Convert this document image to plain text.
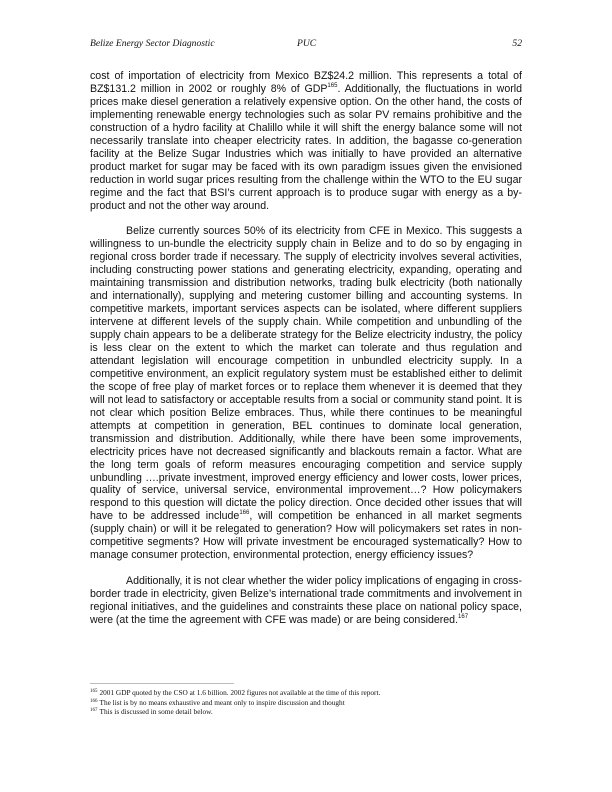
Belize Energy Sector Diagnostic	PUC	52

cost of importation of electricity from Mexico BZ$24.2 million. This represents a total of BZ$131.2 million in 2002 or roughly 8% of GDP$^{165}$. Additionally, the fluctuations in world prices make diesel generation a relatively expensive option. On the other hand, the costs of implementing renewable energy technologies such as solar PV remains prohibitive and the construction of a hydro facility at Chalillo while it will shift the energy balance some will not necessarily translate into cheaper electricity rates. In addition, the bagasse co-generation facility at the Belize Sugar Industries which was initially to have provided an alternative product market for sugar may be faced with its own paradigm issues given the envisioned reduction in world sugar prices resulting from the challenge within the WTO to the EU sugar regime and the fact that BSI’s current approach is to produce sugar with energy as a by-product and not the other way around.

Belize currently sources 50% of its electricity from CFE in Mexico. This suggests a willingness to un-bundle the electricity supply chain in Belize and to do so by engaging in regional cross border trade if necessary. The supply of electricity involves several activities, including constructing power stations and generating electricity, expanding, operating and maintaining transmission and distribution networks, trading bulk electricity (both nationally and internationally), supplying and metering customer billing and accounting systems. In competitive markets, important services aspects can be isolated, where different suppliers intervene at different levels of the supply chain. While competition and unbundling of the supply chain appears to be a deliberate strategy for the Belize electricity industry, the policy is less clear on the extent to which the market can tolerate and thus regulation and attendant legislation will encourage competition in unbundled electricity supply. In a competitive environment, an explicit regulatory system must be established either to delimit the scope of free play of market forces or to replace them whenever it is deemed that they will not lead to satisfactory or acceptable results from a social or community stand point. It is not clear which position Belize embraces. Thus, while there continues to be meaningful attempts at competition in generation, BEL continues to dominate local generation, transmission and distribution. Additionally, while there have been some improvements, electricity prices have not decreased significantly and blackouts remain a factor. What are the long term goals of reform measures encouraging competition and service supply unbundling ….private investment, improved energy efficiency and lower costs, lower prices, quality of service, universal service, environmental improvement…? How policymakers respond to this question will dictate the policy direction. Once decided other issues that will have to be addressed include$^{166}$, will competition be enhanced in all market segments (supply chain) or will it be relegated to generation? How will policymakers set rates in non-competitive segments? How will private investment be encouraged systematically? How to manage consumer protection, environmental protection, energy efficiency issues?

Additionally, it is not clear whether the wider policy implications of engaging in cross-border trade in electricity, given Belize’s international trade commitments and involvement in regional initiatives, and the guidelines and constraints these place on national policy space, were (at the time the agreement with CFE was made) or are being considered.$^{167}$

$^{165}$ 2001 GDP quoted by the CSO at 1.6 billion. 2002 figures not available at the time of this report.
$^{166}$ The list is by no means exhaustive and meant only to inspire discussion and thought
$^{167}$ This is discussed in some detail below.
